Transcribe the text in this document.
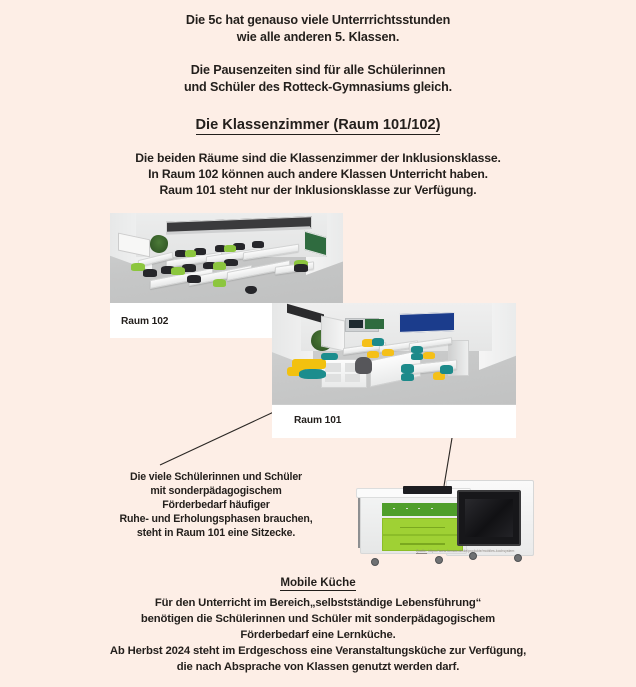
Die 5c hat genauso viele Unterrrichtsstunden
wie alle anderen 5. Klassen.
Die Pausenzeiten sind für alle Schülerinnen
und Schüler des Rotteck-Gymnasiums gleich.
Die Klassenzimmer (Raum 101/102)
Die beiden Räume sind die Klassenzimmer der Inklusionsklasse.
In Raum 102 können auch andere Klassen Unterricht haben.
Raum 101 steht nur der Inklusionsklasse zur Verfügung.
Raum 102
Raum 101
Die viele Schülerinnen und Schüler
mit sonderpädagogischem
Förderbedarf häufiger
Ruhe- und Erholungsphasen brauchen,
steht in Raum 101 eine Sitzecke.
Quelle: https://www.furnwa.de/de/produkte/mobiles-kochsystem
Mobile Küche
Für den Unterricht im Bereich„selbstständige Lebensführung“
benötigen die Schülerinnen und Schüler mit sonderpädagogischem
Förderbedarf eine Lernküche.
Ab Herbst 2024 steht im Erdgeschoss eine Veranstaltungsküche zur Verfügung,
die nach Absprache von Klassen genutzt werden darf.
